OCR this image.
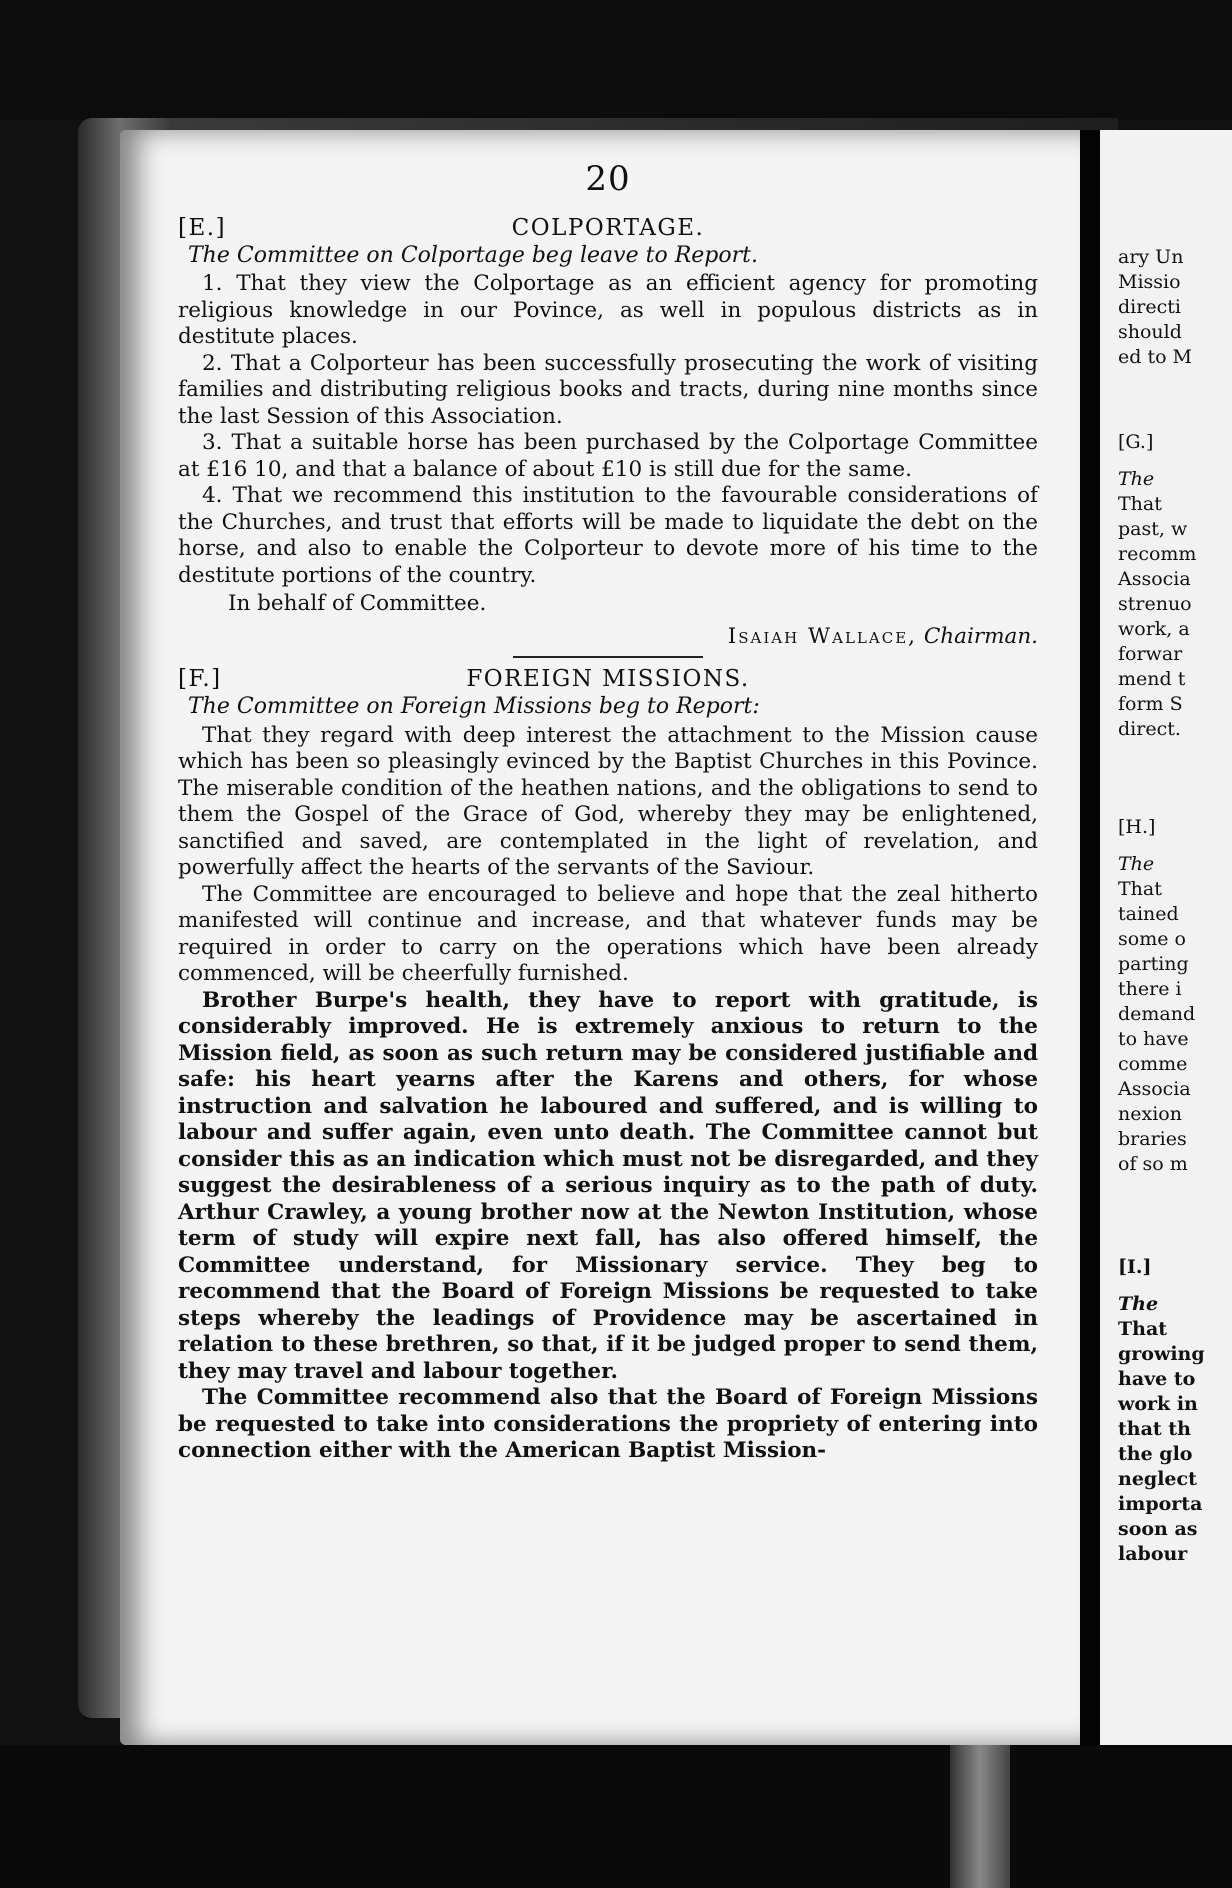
20
[E.]	COLPORTAGE.
The Committee on Colportage beg leave to Report.

1. That they view the Colportage as an efficient agency for promoting religious knowledge in our Povince, as well in populous districts as in destitute places.

2. That a Colporteur has been successfully prosecuting the work of visiting families and distributing religious books and tracts, during nine months since the last Session of this Association.

3. That a suitable horse has been purchased by the Colportage Committee at £16 10, and that a balance of about £10 is still due for the same.

4. That we recommend this institution to the favourable considerations of the Churches, and trust that efforts will be made to liquidate the debt on the horse, and also to enable the Colporteur to devote more of his time to the destitute portions of the country.

In behalf of Committee.
Isaiah Wallace, Chairman.
[F.]	FOREIGN MISSIONS.
The Committee on Foreign Missions beg to Report:

That they regard with deep interest the attachment to the Mission cause which has been so pleasingly evinced by the Baptist Churches in this Povince. The miserable condition of the heathen nations, and the obligations to send to them the Gospel of the Grace of God, whereby they may be enlightened, sanctified and saved, are contemplated in the light of revelation, and powerfully affect the hearts of the servants of the Saviour.

The Committee are encouraged to believe and hope that the zeal hitherto manifested will continue and increase, and that whatever funds may be required in order to carry on the operations which have been already commenced, will be cheerfully furnished.

Brother Burpe's health, they have to report with gratitude, is considerably improved. He is extremely anxious to return to the Mission field, as soon as such return may be considered justifiable and safe: his heart yearns after the Karens and others, for whose instruction and salvation he laboured and suffered, and is willing to labour and suffer again, even unto death. The Committee cannot but consider this as an indication which must not be disregarded, and they suggest the desirableness of a serious inquiry as to the path of duty. Arthur Crawley, a young brother now at the Newton Institution, whose term of study will expire next fall, has also offered himself, the Committee understand, for Missionary service. They beg to recommend that the Board of Foreign Missions be requested to take steps whereby the leadings of Providence may be ascertained in relation to these brethren, so that, if it be judged proper to send them, they may travel and labour together.

The Committee recommend also that the Board of Foreign Missions be requested to take into considerations the propriety of entering into connection either with the American Baptist Mission-

ary Un
Missio
directi
should
ed to M
[G.]
The
That
past, w
recomm
Associa
strenuo
work, a
forwar
mend t
form S
direct.
[H.]
The
That
tained
some o
parting
there i
demand
to have
comme
Associa
nexion
braries
of so m
[I.]
The
That
growing
have to
work in
that th
the glo
neglect
importa
soon as
labour
